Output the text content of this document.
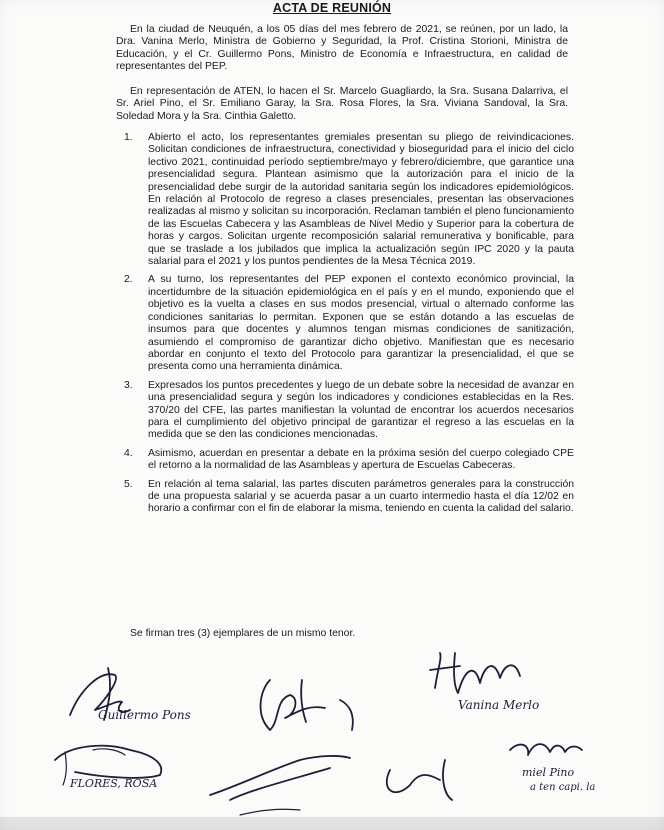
ACTA DE REUNIÓN
En la ciudad de Neuquén, a los 05 días del mes febrero de 2021, se reúnen, por un lado, la Dra. Vanina Merlo, Ministra de Gobierno y Seguridad, la Prof. Cristina Storioni, Ministra de Educación, y el Cr. Guillermo Pons, Ministro de Economía e Infraestructura, en calidad de representantes del PEP.
En representación de ATEN, lo hacen el Sr. Marcelo Guagliardo, la Sra. Susana Dalarriva, el Sr. Ariel Pino, el Sr. Emiliano Garay, la Sra. Rosa Flores, la Sra. Viviana Sandoval, la Sra. Soledad Mora y la Sra. Cinthia Galetto.
1. Abierto el acto, los representantes gremiales presentan su pliego de reivindicaciones. Solicitan condiciones de infraestructura, conectividad y bioseguridad para el inicio del ciclo lectivo 2021, continuidad período septiembre/mayo y febrero/diciembre, que garantice una presencialidad segura. Plantean asimismo que la autorización para el inicio de la presencialidad debe surgir de la autoridad sanitaria según los indicadores epidemiológicos. En relación al Protocolo de regreso a clases presenciales, presentan las observaciones realizadas al mismo y solicitan su incorporación. Reclaman también el pleno funcionamiento de las Escuelas Cabecera y las Asambleas de Nivel Medio y Superior para la cobertura de horas y cargos. Solicitan urgente recomposición salarial remunerativa y bonificable, para que se traslade a los jubilados que implica la actualización según IPC 2020 y la pauta salarial para el 2021 y los puntos pendientes de la Mesa Técnica 2019.
2. A su turno, los representantes del PEP exponen el contexto económico provincial, la incertidumbre de la situación epidemiológica en el país y en el mundo, exponiendo que el objetivo es la vuelta a clases en sus modos presencial, virtual o alternado conforme las condiciones sanitarias lo permitan. Exponen que se están dotando a las escuelas de insumos para que docentes y alumnos tengan mismas condiciones de sanitización, asumiendo el compromiso de garantizar dicho objetivo. Manifiestan que es necesario abordar en conjunto el texto del Protocolo para garantizar la presencialidad, el que se presenta como una herramienta dinámica.
3. Expresados los puntos precedentes y luego de un debate sobre la necesidad de avanzar en una presencialidad segura y según los indicadores y condiciones establecidas en la Res. 370/20 del CFE, las partes manifiestan la voluntad de encontrar los acuerdos necesarios para el cumplimiento del objetivo principal de garantizar el regreso a las escuelas en la medida que se den las condiciones mencionadas.
4. Asimismo, acuerdan en presentar a debate en la próxima sesión del cuerpo colegiado CPE el retorno a la normalidad de las Asambleas y apertura de Escuelas Cabeceras.
5. En relación al tema salarial, las partes discuten parámetros generales para la construcción de una propuesta salarial y se acuerda pasar a un cuarto intermedio hasta el día 12/02 en horario a confirmar con el fin de elaborar la misma, teniendo en cuenta la calidad del salario.
Se firman tres (3) ejemplares de un mismo tenor.
Guillermo Pons
Vanina Merlo
FLORES, ROSA
miel Pino
a ten capi. la
